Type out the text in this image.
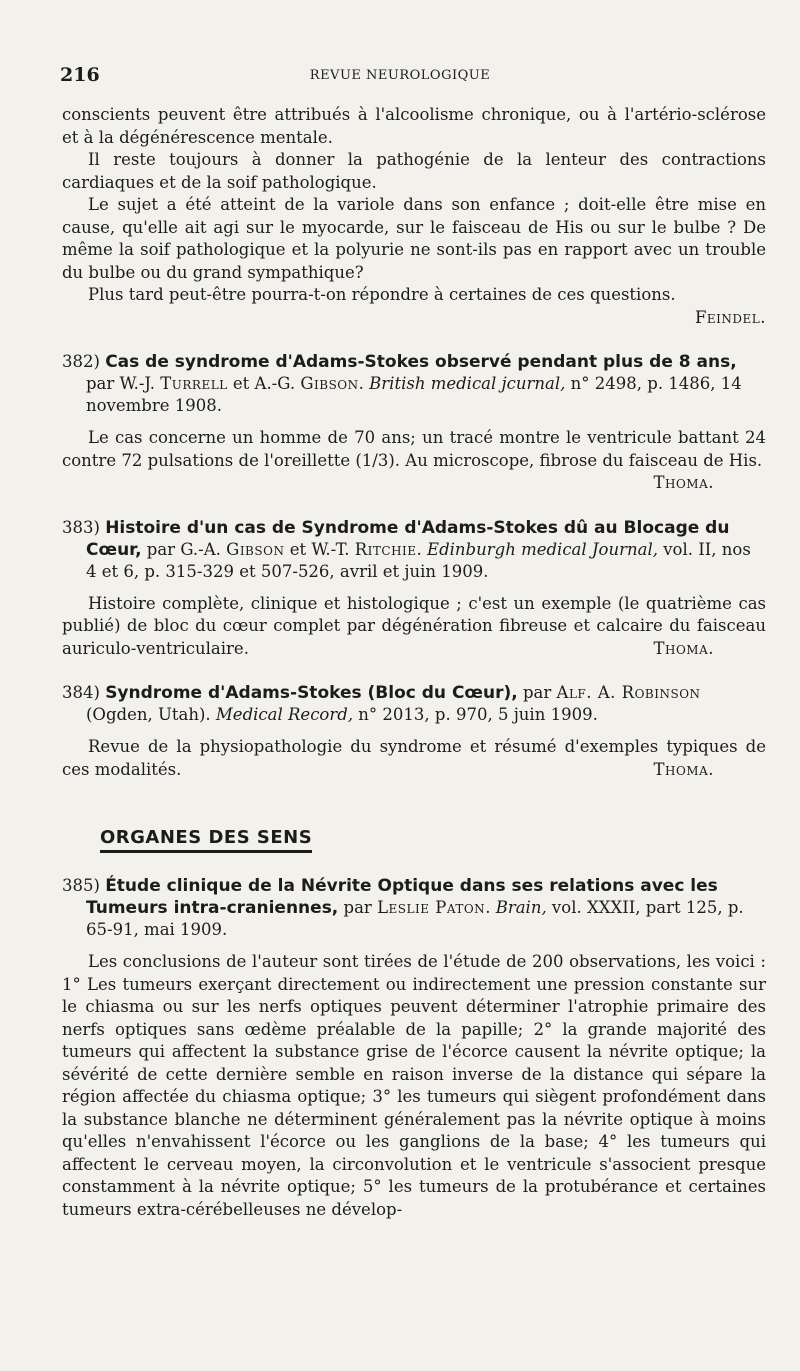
216	REVUE NEUROLOGIQUE

conscients peuvent être attribués à l'alcoolisme chronique, ou à l'artério-sclérose et à la dégénérescence mentale.

Il reste toujours à donner la pathogénie de la lenteur des contractions cardiaques et de la soif pathologique.

Le sujet a été atteint de la variole dans son enfance ; doit-elle être mise en cause, qu'elle ait agi sur le myocarde, sur le faisceau de His ou sur le bulbe ? De même la soif pathologique et la polyurie ne sont-ils pas en rapport avec un trouble du bulbe ou du grand sympathique?

Plus tard peut-être pourra-t-on répondre à certaines de ces questions.

Feindel.

382) Cas de syndrome d'Adams-Stokes observé pendant plus de 8 ans, par W.-J. Turrell et A.-G. Gibson. British medical jcurnal, n° 2498, p. 1486, 14 novembre 1908.

Le cas concerne un homme de 70 ans; un tracé montre le ventricule battant 24 contre 72 pulsations de l'oreillette (1/3). Au microscope, fibrose du faisceau de His.
Thoma.

383) Histoire d'un cas de Syndrome d'Adams-Stokes dû au Blocage du Cœur, par G.-A. Gibson et W.-T. Ritchie. Edinburgh medical Journal, vol. II, nos 4 et 6, p. 315-329 et 507-526, avril et juin 1909.

Histoire complète, clinique et histologique ; c'est un exemple (le quatrième cas publié) de bloc du cœur complet par dégénération fibreuse et calcaire du faisceau auriculo-ventriculaire.	Thoma.

384) Syndrome d'Adams-Stokes (Bloc du Cœur), par Alf. A. Robinson (Ogden, Utah). Medical Record, n° 2013, p. 970, 5 juin 1909.

Revue de la physiopathologie du syndrome et résumé d'exemples typiques de ces modalités.	Thoma.

ORGANES DES SENS

385) Étude clinique de la Névrite Optique dans ses relations avec les Tumeurs intra-craniennes, par Leslie Paton. Brain, vol. XXXII, part 125, p. 65-91, mai 1909.

Les conclusions de l'auteur sont tirées de l'étude de 200 observations, les voici : 1° Les tumeurs exerçant directement ou indirectement une pression constante sur le chiasma ou sur les nerfs optiques peuvent déterminer l'atrophie primaire des nerfs optiques sans œdème préalable de la papille; 2° la grande majorité des tumeurs qui affectent la substance grise de l'écorce causent la névrite optique; la sévérité de cette dernière semble en raison inverse de la distance qui sépare la région affectée du chiasma optique; 3° les tumeurs qui siègent profondément dans la substance blanche ne déterminent généralement pas la névrite optique à moins qu'elles n'envahissent l'écorce ou les ganglions de la base; 4° les tumeurs qui affectent le cerveau moyen, la circonvolution et le ventricule s'associent presque constamment à la névrite optique; 5° les tumeurs de la protubérance et certaines tumeurs extra-cérébelleuses ne dévelop-
